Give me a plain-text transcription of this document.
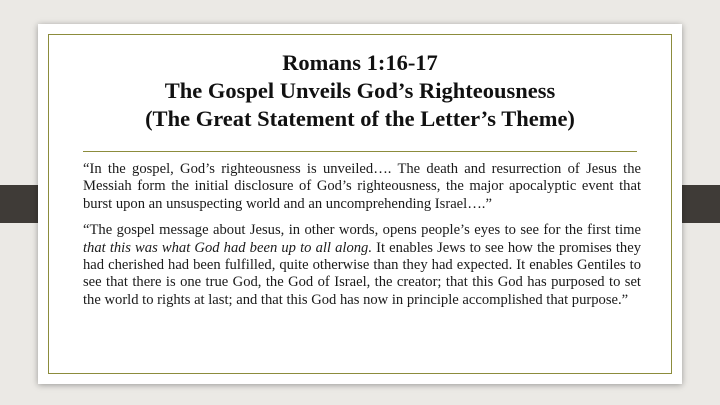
Romans 1:16-17
The Gospel Unveils God’s Righteousness
(The Great Statement of the Letter’s Theme)

“In the gospel, God’s righteousness is unveiled…. The death and resurrection of Jesus the Messiah form the initial disclosure of God’s righteousness, the major apocalyptic event that burst upon an unsuspecting world and an uncomprehending Israel….”

“The gospel message about Jesus, in other words, opens people’s eyes to see for the first time that this was what God had been up to all along. It enables Jews to see how the promises they had cherished had been fulfilled, quite otherwise than they had expected. It enables Gentiles to see that there is one true God, the God of Israel, the creator; that this God has purposed to set the world to rights at last; and that this God has now in principle accomplished that purpose.”
